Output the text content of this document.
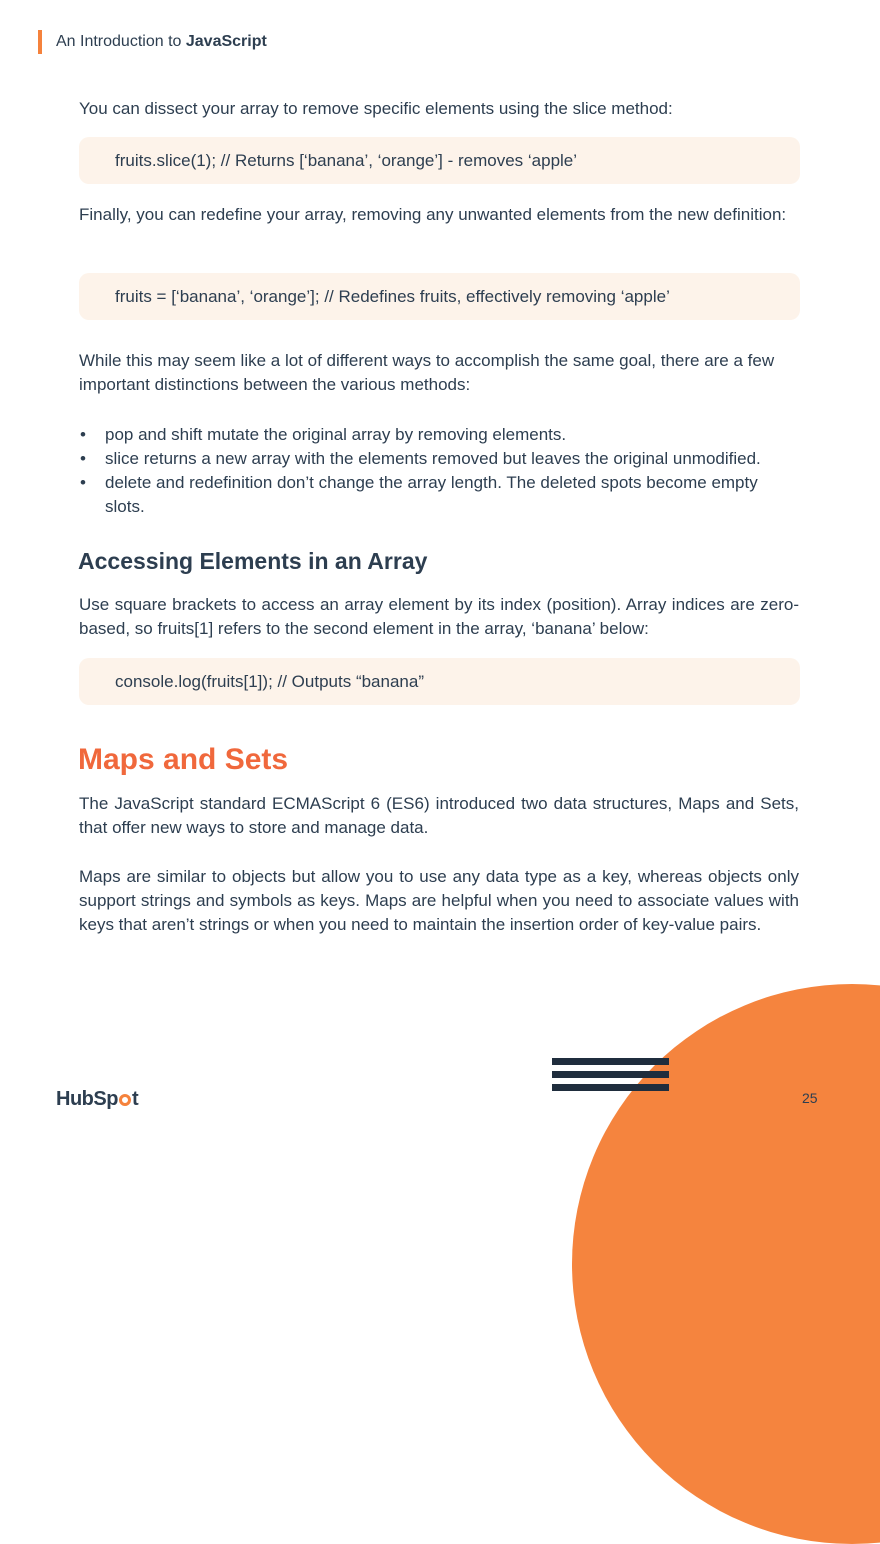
An Introduction to JavaScript

You can dissect your array to remove specific elements using the slice method:

fruits.slice(1); // Returns [‘banana’, ‘orange’] - removes ‘apple’

Finally, you can redefine your array, removing any unwanted elements from the new definition:

fruits = [‘banana’, ‘orange’]; // Redefines fruits, effectively removing ‘apple’

While this may seem like a lot of different ways to accomplish the same goal, there are a few important distinctions between the various methods:

• pop and shift mutate the original array by removing elements.
• slice returns a new array with the elements removed but leaves the original unmodified.
• delete and redefinition don’t change the array length. The deleted spots become empty slots.
Accessing Elements in an Array

Use square brackets to access an array element by its index (position). Array indices are zero-based, so fruits[1] refers to the second element in the array, ‘banana’ below:

console.log(fruits[1]); // Outputs “banana”
Maps and Sets

The JavaScript standard ECMAScript 6 (ES6) introduced two data structures, Maps and Sets, that offer new ways to store and manage data.

Maps are similar to objects but allow you to use any data type as a key, whereas objects only support strings and symbols as keys. Maps are helpful when you need to associate values with keys that aren’t strings or when you need to maintain the insertion order of key-value pairs.

HubSp t	25
